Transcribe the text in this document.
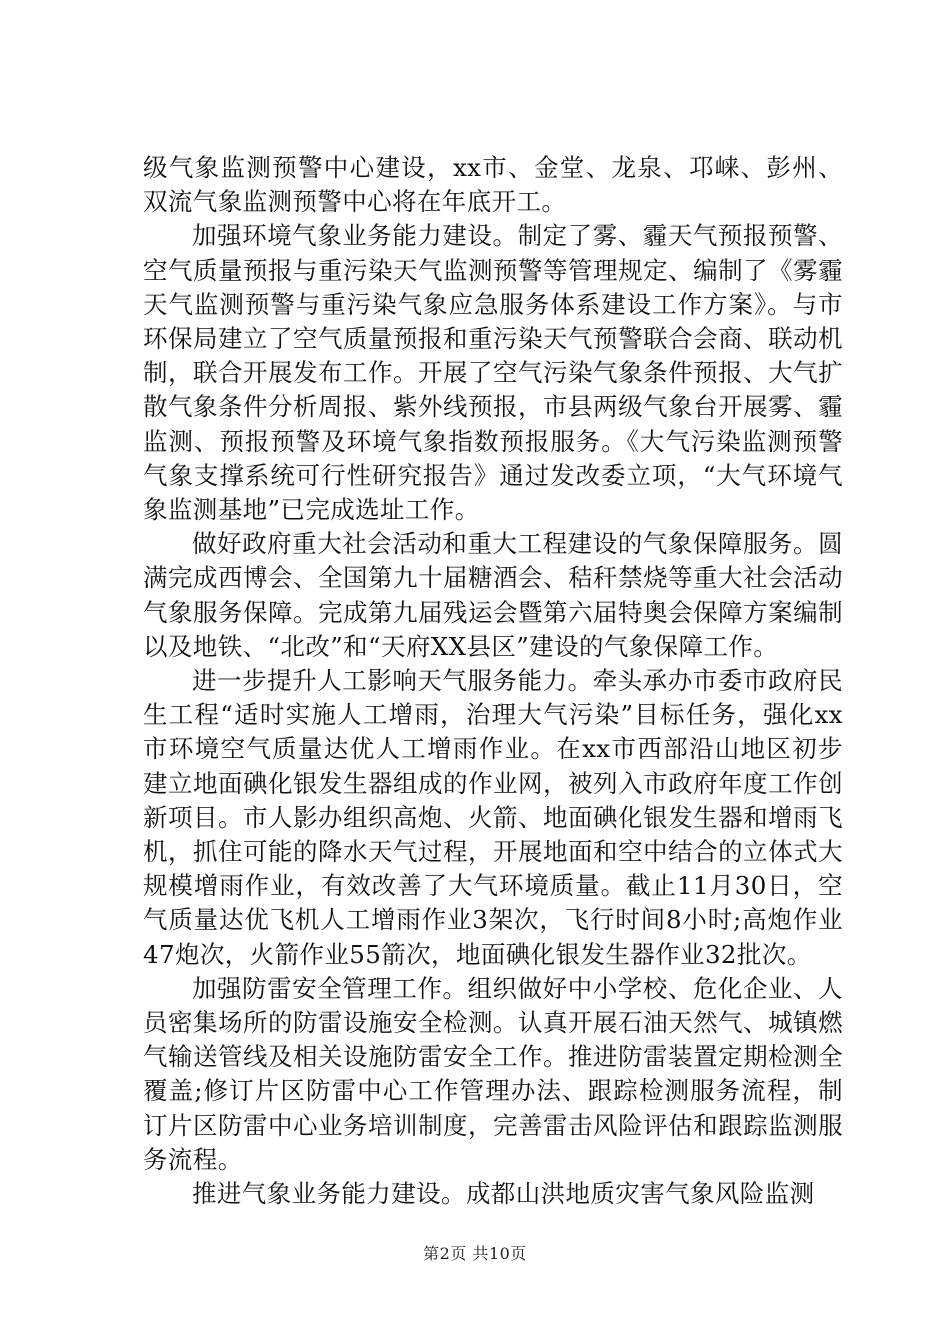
级气象监测预警中心建设，xx市、金堂、龙泉、邛崃、彭州、双流气象监测预警中心将在年底开工。

加强环境气象业务能力建设。制定了雾、霾天气预报预警、空气质量预报与重污染天气监测预警等管理规定、编制了《雾霾天气监测预警与重污染气象应急服务体系建设工作方案》。与市环保局建立了空气质量预报和重污染天气预警联合会商、联动机制，联合开展发布工作。开展了空气污染气象条件预报、大气扩散气象条件分析周报、紫外线预报，市县两级气象台开展雾、霾监测、预报预警及环境气象指数预报服务。《大气污染监测预警气象支撑系统可行性研究报告》通过发改委立项，“大气环境气象监测基地”已完成选址工作。

做好政府重大社会活动和重大工程建设的气象保障服务。圆满完成西博会、全国第九十届糖酒会、秸秆禁烧等重大社会活动气象服务保障。完成第九届残运会暨第六届特奥会保障方案编制以及地铁、“北改”和“天府XX县区”建设的气象保障工作。

进一步提升人工影响天气服务能力。牵头承办市委市政府民生工程“适时实施人工增雨，治理大气污染”目标任务，强化xx市环境空气质量达优人工增雨作业。在xx市西部沿山地区初步建立地面碘化银发生器组成的作业网，被列入市政府年度工作创新项目。市人影办组织高炮、火箭、地面碘化银发生器和增雨飞机，抓住可能的降水天气过程，开展地面和空中结合的立体式大规模增雨作业，有效改善了大气环境质量。截止11月30日，空气质量达优飞机人工增雨作业3架次，飞行时间8小时;高炮作业47炮次，火箭作业55箭次，地面碘化银发生器作业32批次。

加强防雷安全管理工作。组织做好中小学校、危化企业、人员密集场所的防雷设施安全检测。认真开展石油天然气、城镇燃气输送管线及相关设施防雷安全工作。推进防雷装置定期检测全覆盖;修订片区防雷中心工作管理办法、跟踪检测服务流程，制订片区防雷中心业务培训制度，完善雷击风险评估和跟踪监测服务流程。

推进气象业务能力建设。成都山洪地质灾害气象风险监测

第2页 共10页
